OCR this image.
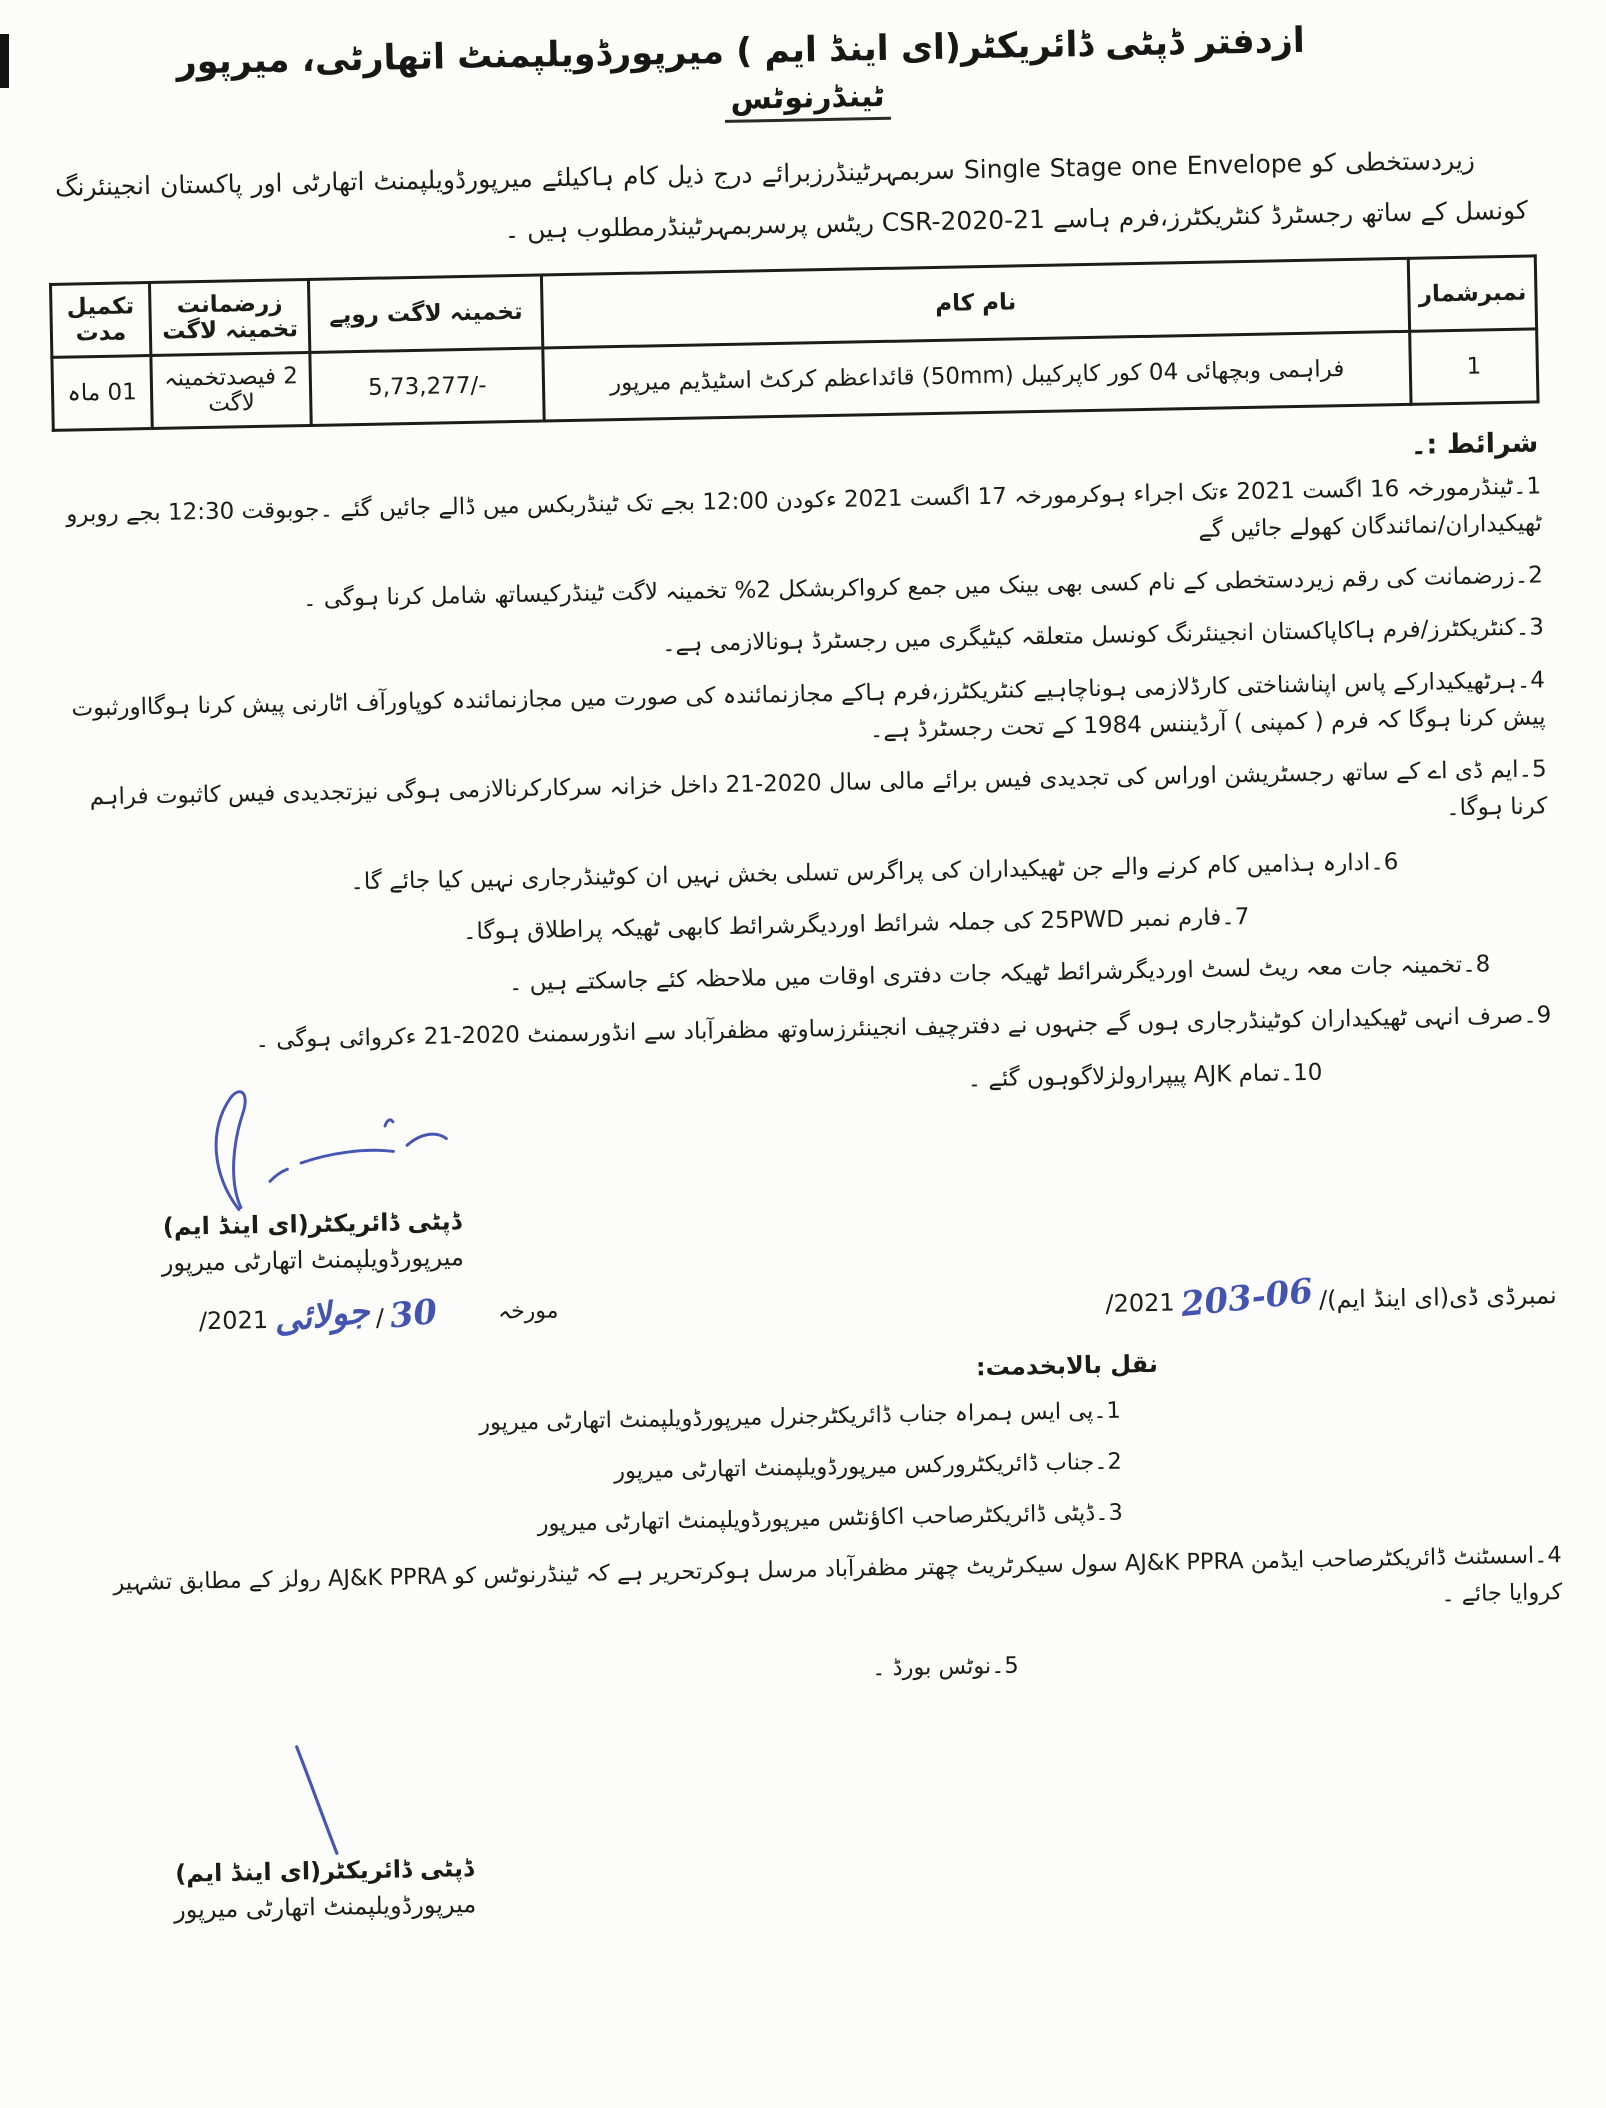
ازدفتر ڈپٹی ڈائریکٹر(ای اینڈ ایم ) میرپورڈویلپمنٹ اتھارٹی، میرپور
ٹینڈرنوٹس

زیردستخطی کو Single Stage one Envelope سربمہرٹینڈرزبرائے درج ذیل کام ہاکیلئے میرپورڈویلپمنٹ اتھارٹی اور پاکستان انجینئرنگ کونسل کے ساتھ رجسٹرڈ کنٹریکٹرز،فرم ہاسے CSR-2020-21 ریٹس پرسربمہرٹینڈرمطلوب ہیں ۔

نمبرشمار	نام کام	تخمینہ لاگت روپے	زرضمانت تخمینہ لاگت	تکمیل مدت
1	فراہمی وبچھائی 04 کور کاپرکیبل (50mm) قائداعظم کرکٹ اسٹیڈیم میرپور	5,73,277/-	2 فیصدتخمینہ لاگت	01 ماہ
شرائط :۔
1۔ٹینڈرمورخہ 16 اگست 2021 ءتک اجراء ہوکرمورخہ 17 اگست 2021 ءکودن 12:00 بجے تک ٹینڈربکس میں ڈالے جائیں گئے ۔جوبوقت 12:30 بجے روبرو ٹھیکیداران/نمائندگان کھولے جائیں گے
2۔زرضمانت کی رقم زیردستخطی کے نام کسی بھی بینک میں جمع کرواکربشکل 2% تخمینہ لاگت ٹینڈرکیساتھ شامل کرنا ہوگی ۔
3۔کنٹریکٹرز/فرم ہاکاپاکستان انجینئرنگ کونسل متعلقہ کیٹیگری میں رجسٹرڈ ہونالازمی ہے۔
4۔ہرٹھیکیدارکے پاس اپناشناختی کارڈلازمی ہوناچاہیے کنٹریکٹرز،فرم ہاکے مجازنمائندہ کی صورت میں مجازنمائندہ کوپاورآف اٹارنی پیش کرنا ہوگااورثبوت پیش کرنا ہوگا کہ فرم ( کمپنی ) آرڈیننس 1984 کے تحت رجسٹرڈ ہے۔
5۔ایم ڈی اے کے ساتھ رجسٹریشن اوراس کی تجدیدی فیس برائے مالی سال 2020-21 داخل خزانہ سرکارکرنالازمی ہوگی نیزتجدیدی فیس کاثبوت فراہم کرنا ہوگا۔
6۔ادارہ ہذامیں کام کرنے والے جن ٹھیکیداران کی پراگرس تسلی بخش نہیں ان کوٹینڈرجاری نہیں کیا جائے گا۔
7۔فارم نمبر 25PWD کی جملہ شرائط اوردیگرشرائط کابھی ٹھیکہ پراطلاق ہوگا۔
8۔تخمینہ جات معہ ریٹ لسٹ اوردیگرشرائط ٹھیکہ جات دفتری اوقات میں ملاحظہ کئے جاسکتے ہیں ۔
9۔صرف انہی ٹھیکیداران کوٹینڈرجاری ہوں گے جنہوں نے دفترچیف انجینئرزساوتھ مظفرآباد سے انڈورسمنٹ 2020-21 ءکروائی ہوگی ۔
10۔تمام AJK پیپرارولزلاگوہوں گئے ۔
ڈپٹی ڈائریکٹر(ای اینڈ ایم)
میرپورڈویلپمنٹ اتھارٹی میرپور
نمبرڈی ڈی(ای اینڈ ایم)/203-06/2021
مورخہ
30/جولائی/2021
نقل بالابخدمت:
1۔پی ایس ہمراہ جناب ڈائریکٹرجنرل میرپورڈویلپمنٹ اتھارٹی میرپور
2۔جناب ڈائریکٹرورکس میرپورڈویلپمنٹ اتھارٹی میرپور
3۔ڈپٹی ڈائریکٹرصاحب اکاؤنٹس میرپورڈویلپمنٹ اتھارٹی میرپور
4۔اسسٹنٹ ڈائریکٹرصاحب ایڈمن AJ&K PPRA سول سیکرٹریٹ چھتر مظفرآباد مرسل ہوکرتحریر ہے کہ ٹینڈرنوٹس کو AJ&K PPRA رولز کے مطابق تشہیر کروایا جائے ۔
5۔نوٹس بورڈ ۔
ڈپٹی ڈائریکٹر(ای اینڈ ایم)
میرپورڈویلپمنٹ اتھارٹی میرپور
